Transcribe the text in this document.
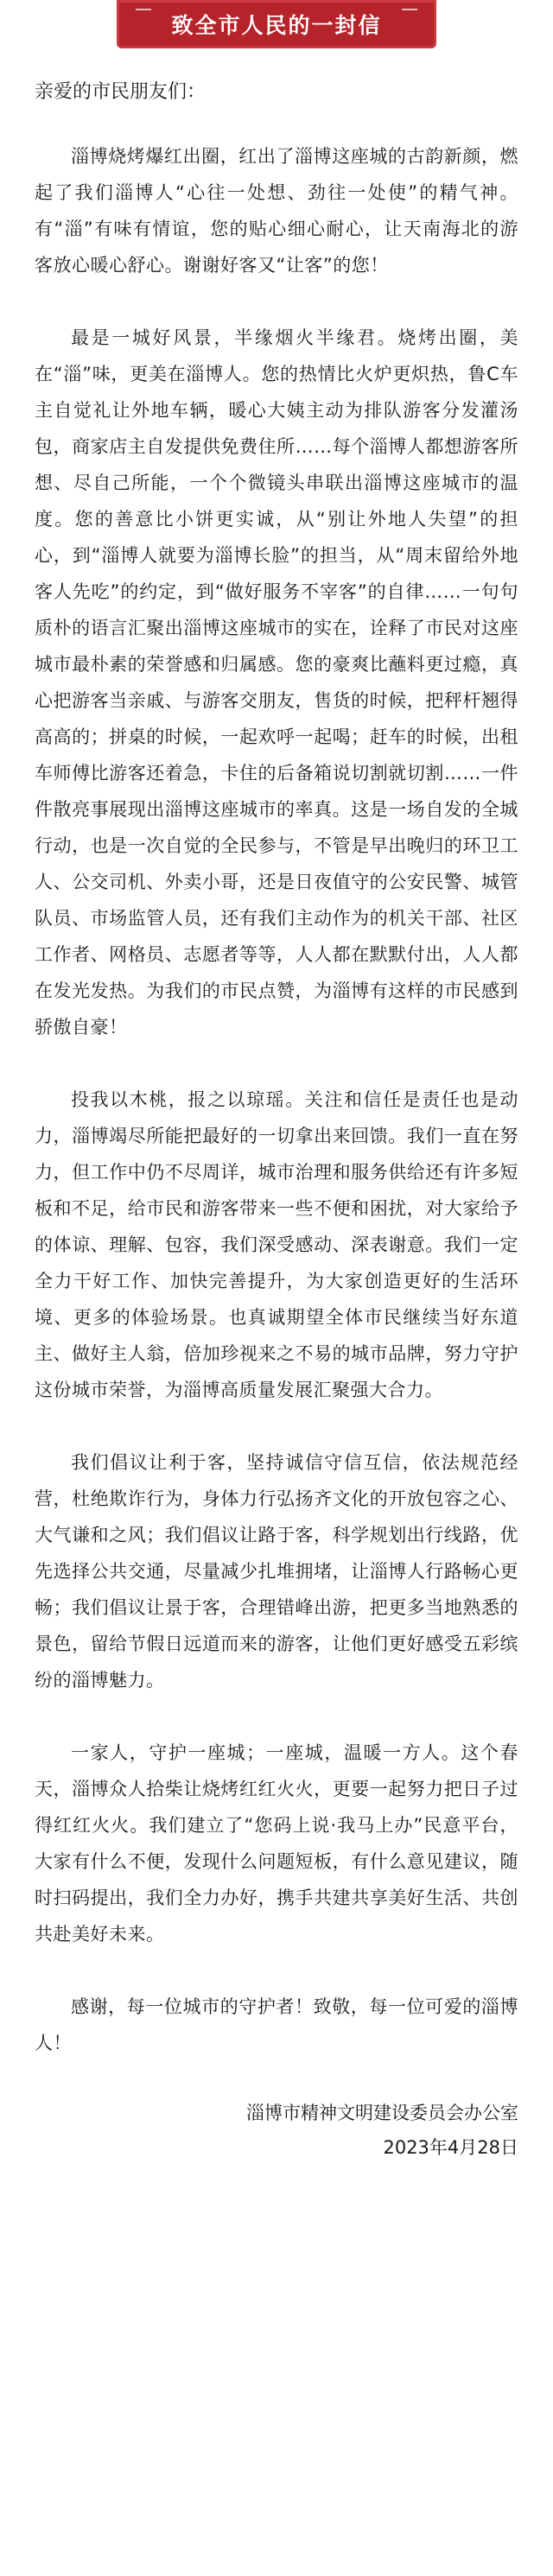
致全市人民的一封信
亲爱的市民朋友们：

淄博烧烤爆红出圈，红出了淄博这座城的古韵新颜，燃起了我们淄博人“心往一处想、劲往一处使”的精气神。有“淄”有味有情谊，您的贴心细心耐心，让天南海北的游客放心暖心舒心。谢谢好客又“让客”的您！

最是一城好风景，半缘烟火半缘君。烧烤出圈，美在“淄”味，更美在淄博人。您的热情比火炉更炽热，鲁C车主自觉礼让外地车辆，暖心大姨主动为排队游客分发灌汤包，商家店主自发提供免费住所……每个淄博人都想游客所想、尽自己所能，一个个微镜头串联出淄博这座城市的温度。您的善意比小饼更实诚，从“别让外地人失望”的担心，到“淄博人就要为淄博长脸”的担当，从“周末留给外地客人先吃”的约定，到“做好服务不宰客”的自律……一句句质朴的语言汇聚出淄博这座城市的实在，诠释了市民对这座城市最朴素的荣誉感和归属感。您的豪爽比蘸料更过瘾，真心把游客当亲戚、与游客交朋友，售货的时候，把秤杆翘得高高的；拼桌的时候，一起欢呼一起喝；赶车的时候，出租车师傅比游客还着急，卡住的后备箱说切割就切割……一件件散亮事展现出淄博这座城市的率真。这是一场自发的全城行动，也是一次自觉的全民参与，不管是早出晚归的环卫工人、公交司机、外卖小哥，还是日夜值守的公安民警、城管队员、市场监管人员，还有我们主动作为的机关干部、社区工作者、网格员、志愿者等等，人人都在默默付出，人人都在发光发热。为我们的市民点赞，为淄博有这样的市民感到骄傲自豪！

投我以木桃，报之以琼瑶。关注和信任是责任也是动力，淄博竭尽所能把最好的一切拿出来回馈。我们一直在努力，但工作中仍不尽周详，城市治理和服务供给还有许多短板和不足，给市民和游客带来一些不便和困扰，对大家给予的体谅、理解、包容，我们深受感动、深表谢意。我们一定全力干好工作、加快完善提升，为大家创造更好的生活环境、更多的体验场景。也真诚期望全体市民继续当好东道主、做好主人翁，倍加珍视来之不易的城市品牌，努力守护这份城市荣誉，为淄博高质量发展汇聚强大合力。

我们倡议让利于客，坚持诚信守信互信，依法规范经营，杜绝欺诈行为，身体力行弘扬齐文化的开放包容之心、大气谦和之风；我们倡议让路于客，科学规划出行线路，优先选择公共交通，尽量减少扎堆拥堵，让淄博人行路畅心更畅；我们倡议让景于客，合理错峰出游，把更多当地熟悉的景色，留给节假日远道而来的游客，让他们更好感受五彩缤纷的淄博魅力。

一家人，守护一座城；一座城，温暖一方人。这个春天，淄博众人拾柴让烧烤红红火火，更要一起努力把日子过得红红火火。我们建立了“您码上说·我马上办”民意平台，大家有什么不便，发现什么问题短板，有什么意见建议，随时扫码提出，我们全力办好，携手共建共享美好生活、共创共赴美好未来。

感谢，每一位城市的守护者！致敬，每一位可爱的淄博人！

淄博市精神文明建设委员会办公室
2023年4月28日
